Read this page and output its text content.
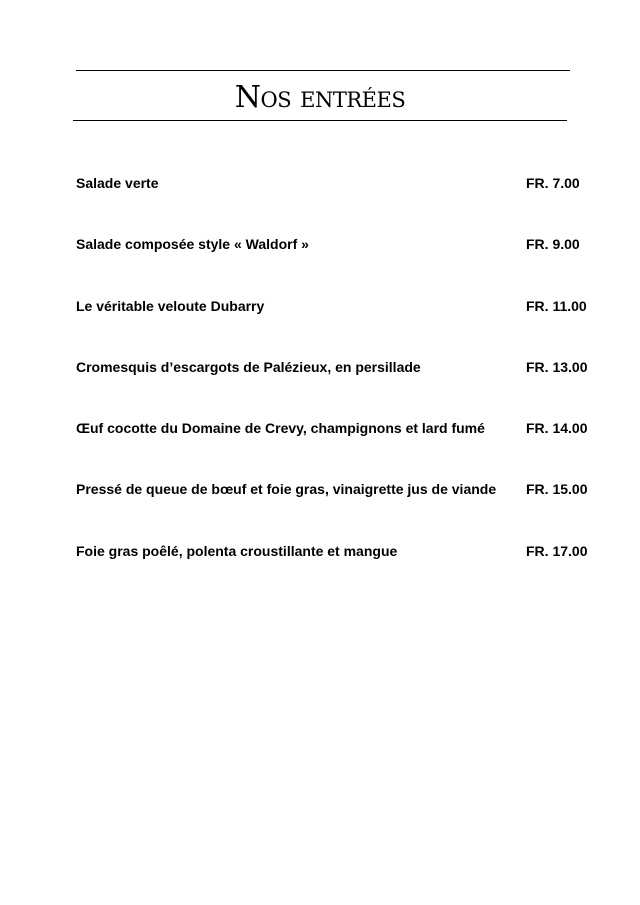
Nos entrées
Salade verte	FR. 7.00
Salade composée style « Waldorf »	FR. 9.00
Le véritable veloute Dubarry	FR. 11.00
Cromesquis d’escargots de Palézieux, en persillade	FR. 13.00
Œuf cocotte du Domaine de Crevy, champignons et lard fumé	FR. 14.00
Pressé de queue de bœuf et foie gras, vinaigrette jus de viande FR. 15.00
Foie gras poêlé, polenta croustillante et mangue	FR. 17.00
